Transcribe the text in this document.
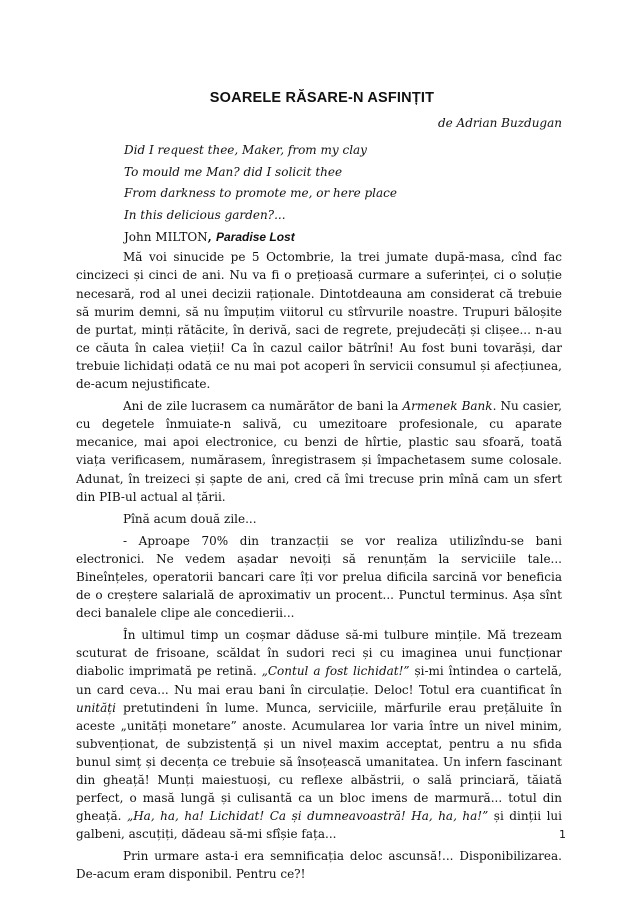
SOARELE RĂSARE-N ASFINȚIT

de Adrian Buzdugan

Did I request thee, Maker, from my clay
To mould me Man? did I solicit thee
From darkness to promote me, or here place
In this delicious garden?...

John MILTON, Paradise Lost

Mă voi sinucide pe 5 Octombrie, la trei jumate după-masa, cînd fac cincizeci și cinci de ani. Nu va fi o prețioasă curmare a suferinței, ci o soluție necesară, rod al unei decizii raționale. Dintotdeauna am considerat că trebuie să murim demni, să nu împuțim viitorul cu stîrvurile noastre. Trupuri băloșite de purtat, minți rătăcite, în derivă, saci de regrete, prejudecăți și clișee... n-au ce căuta în calea vieții! Ca în cazul cailor bătrîni! Au fost buni tovarăși, dar trebuie lichidați odată ce nu mai pot acoperi în servicii consumul și afecțiunea, de-acum nejustificate.

Ani de zile lucrasem ca numărător de bani la Armenek Bank. Nu casier, cu degetele înmuiate-n salivă, cu umezitoare profesionale, cu aparate mecanice, mai apoi electronice, cu benzi de hîrtie, plastic sau sfoară, toată viața verificasem, numărasem, înregistrasem și împachetasem sume colosale. Adunat, în treizeci și șapte de ani, cred că îmi trecuse prin mînă cam un sfert din PIB-ul actual al țării.

Pînă acum două zile...

- Aproape 70% din tranzacții se vor realiza utilizîndu-se bani electronici. Ne vedem așadar nevoiți să renunțăm la serviciile tale... Bineînțeles, operatorii bancari care îți vor prelua dificila sarcină vor beneficia de o creștere salarială de aproximativ un procent... Punctul terminus. Așa sînt deci banalele clipe ale concedierii...

În ultimul timp un coșmar dăduse să-mi tulbure mințile. Mă trezeam scuturat de frisoane, scăldat în sudori reci și cu imaginea unui funcționar diabolic imprimată pe retină. „Contul a fost lichidat!” și-mi întindea o cartelă, un card ceva... Nu mai erau bani în circulație. Deloc! Totul era cuantificat în unități pretutindeni în lume. Munca, serviciile, mărfurile erau prețăluite în aceste „unități monetare” anoste. Acumularea lor varia între un nivel minim, subvenționat, de subzistență și un nivel maxim acceptat, pentru a nu sfida bunul simț și decența ce trebuie să însoțească umanitatea. Un infern fascinant din gheață! Munți maiestuoși, cu reflexe albăstrii, o sală princiară, tăiată perfect, o masă lungă și culisantă ca un bloc imens de marmură... totul din gheață. „Ha, ha, ha! Lichidat! Ca și dumneavoastră! Ha, ha, ha!” și dinții lui galbeni, ascuțiți, dădeau să-mi sfîșie fața...

Prin urmare asta-i era semnificația deloc ascunsă!... Disponibilizarea. De-acum eram disponibil. Pentru ce?!

1
